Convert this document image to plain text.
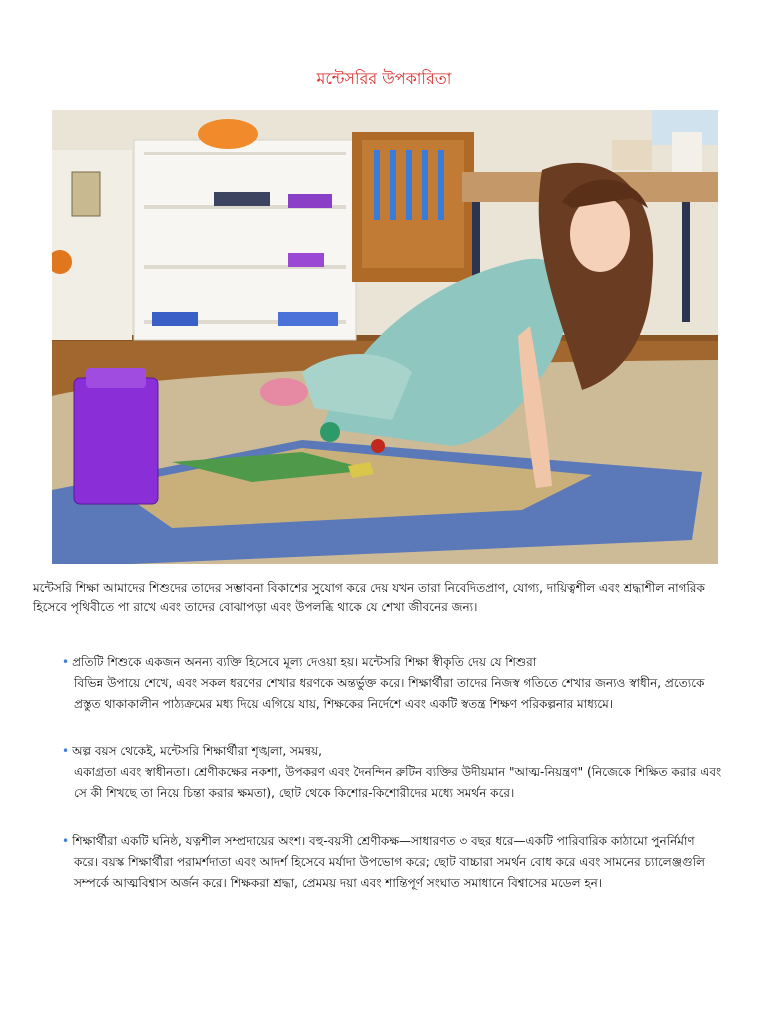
মন্টেসরির উপকারিতা
মন্টেসরি শিক্ষা আমাদের শিশুদের তাদের সম্ভাবনা বিকাশের সুযোগ করে দেয় যখন তারা নিবেদিতপ্রাণ, যোগ্য, দায়িত্বশীল এবং শ্রদ্ধাশীল নাগরিক হিসেবে পৃথিবীতে পা রাখে এবং তাদের বোঝাপড়া এবং উপলব্ধি থাকে যে শেখা জীবনের জন্য।
• প্রতিটি শিশুকে একজন অনন্য ব্যক্তি হিসেবে মূল্য দেওয়া হয়। মন্টেসরি শিক্ষা স্বীকৃতি দেয় যে শিশুরা
বিভিন্ন উপায়ে শেখে, এবং সকল ধরণের শেখার ধরণকে অন্তর্ভুক্ত করে। শিক্ষার্থীরা তাদের নিজস্ব গতিতে শেখার জন্যও স্বাধীন, প্রত্যেকে প্রস্তুত থাকাকালীন পাঠ্যক্রমের মধ্য দিয়ে এগিয়ে যায়, শিক্ষকের নির্দেশে এবং একটি স্বতন্ত্র শিক্ষণ পরিকল্পনার মাধ্যমে।
• অল্প বয়স থেকেই, মন্টেসরি শিক্ষার্থীরা শৃঙ্খলা, সমন্বয়,
একাগ্রতা এবং স্বাধীনতা। শ্রেণীকক্ষের নকশা, উপকরণ এবং দৈনন্দিন রুটিন ব্যক্তির উদীয়মান "আত্ম-নিয়ন্ত্রণ" (নিজেকে শিক্ষিত করার এবং সে কী শিখছে তা নিয়ে চিন্তা করার ক্ষমতা), ছোট থেকে কিশোর-কিশোরীদের মধ্যে সমর্থন করে।
• শিক্ষার্থীরা একটি ঘনিষ্ঠ, যত্নশীল সম্প্রদায়ের অংশ। বহু-বয়সী শ্রেণীকক্ষ—সাধারণত ৩ বছর ধরে—একটি পারিবারিক কাঠামো পুনর্নির্মাণ
করে। বয়স্ক শিক্ষার্থীরা পরামর্শদাতা এবং আদর্শ হিসেবে মর্যাদা উপভোগ করে; ছোট বাচ্চারা সমর্থন বোধ করে এবং সামনের চ্যালেঞ্জগুলি সম্পর্কে আত্মবিশ্বাস অর্জন করে। শিক্ষকরা শ্রদ্ধা, প্রেমময় দয়া এবং শান্তিপূর্ণ সংঘাত সমাধানে বিশ্বাসের মডেল হন।
